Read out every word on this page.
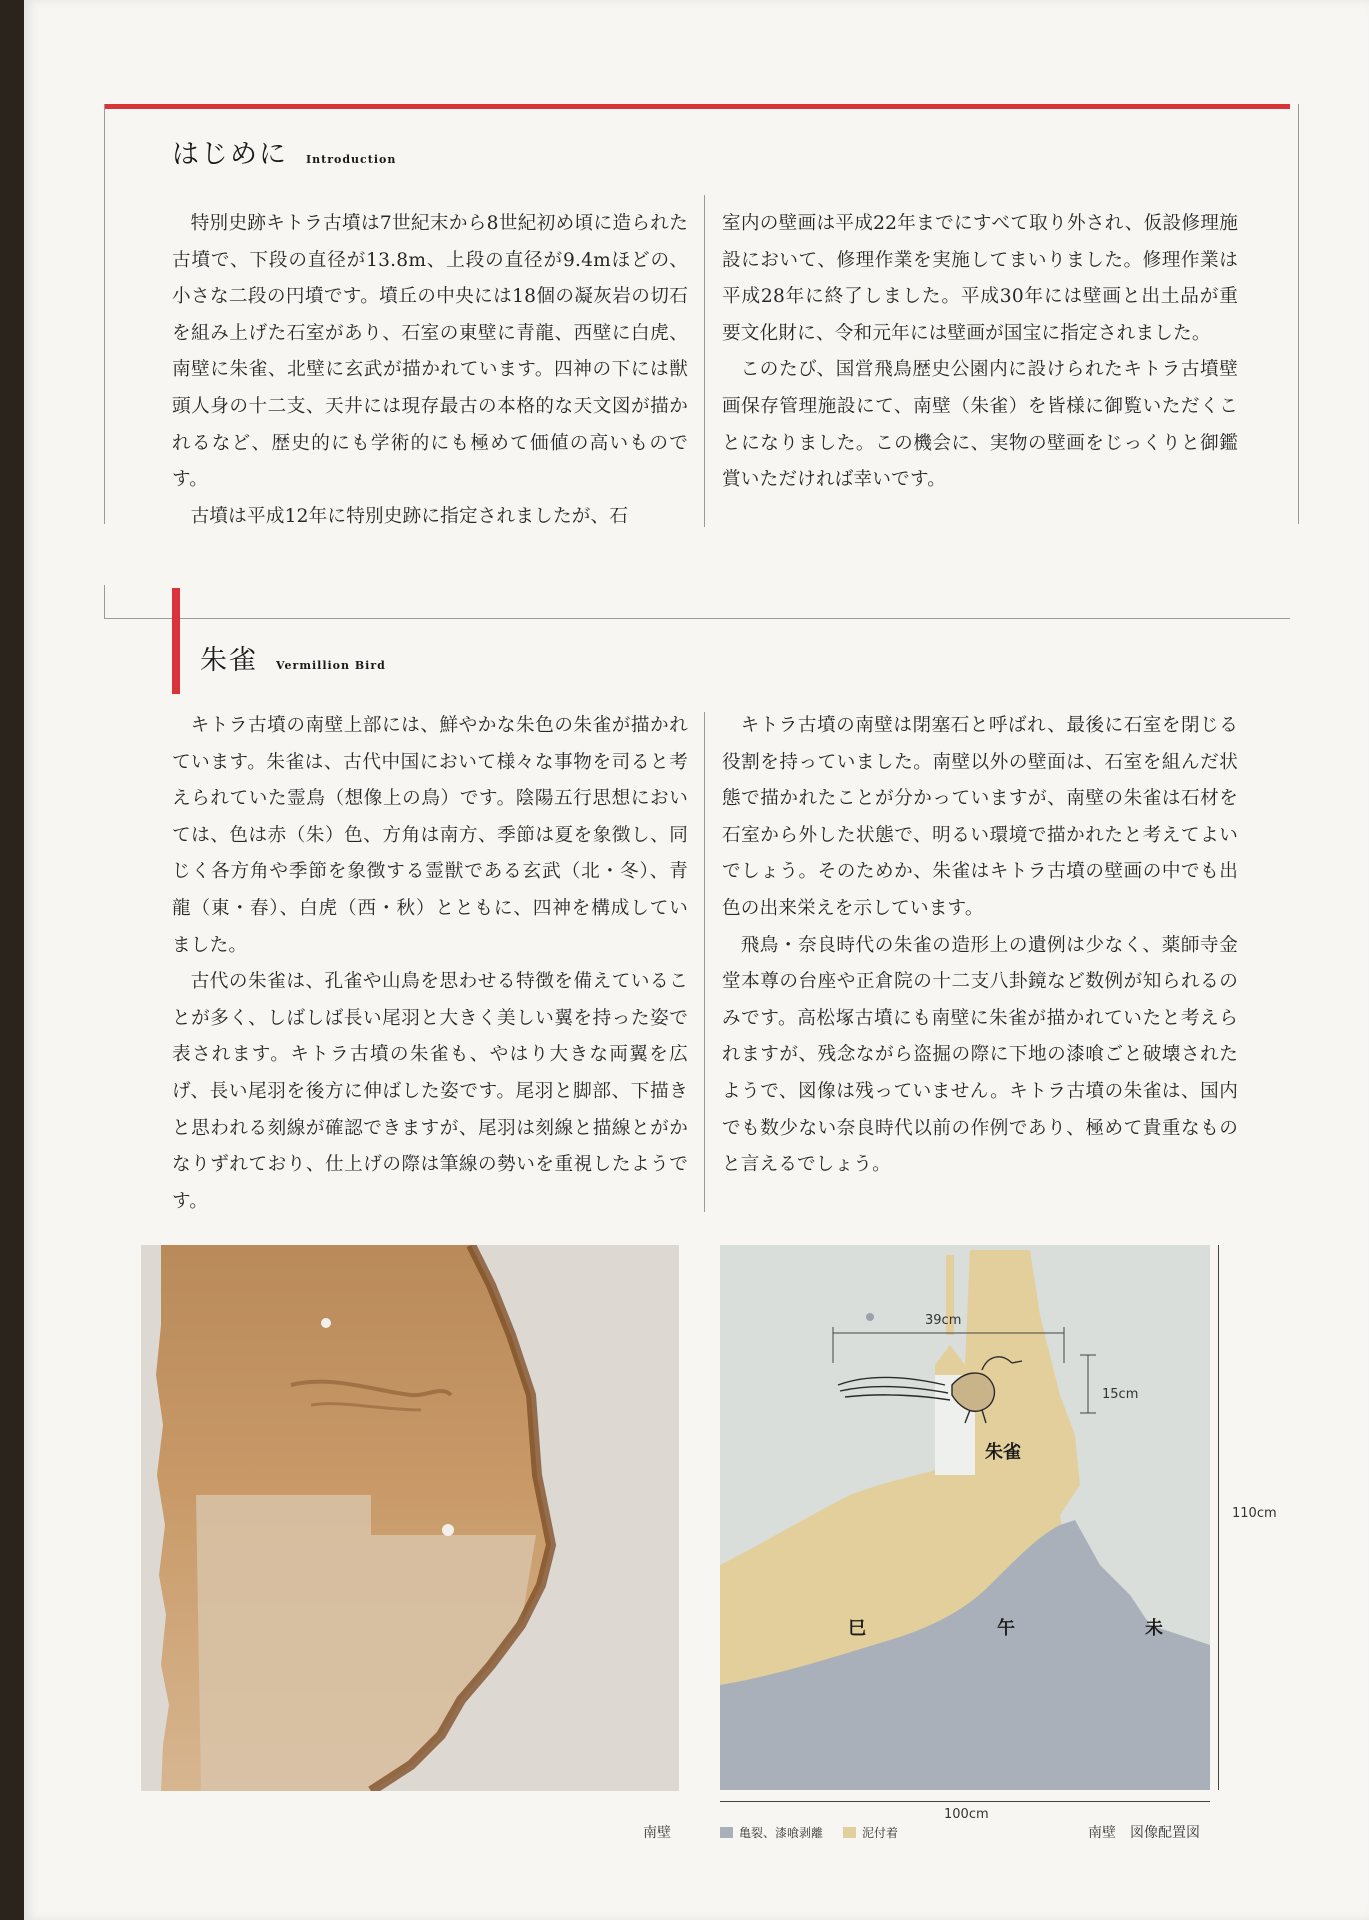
はじめに Introduction

特別史跡キトラ古墳は7世紀末から8世紀初め頃に造られた古墳で、下段の直径が13.8m、上段の直径が9.4mほどの、小さな二段の円墳です。墳丘の中央には18個の凝灰岩の切石を組み上げた石室があり、石室の東壁に青龍、西壁に白虎、南壁に朱雀、北壁に玄武が描かれています。四神の下には獣頭人身の十二支、天井には現存最古の本格的な天文図が描かれるなど、歴史的にも学術的にも極めて価値の高いものです。

古墳は平成12年に特別史跡に指定されましたが、石

室内の壁画は平成22年までにすべて取り外され、仮設修理施設において、修理作業を実施してまいりました。修理作業は平成28年に終了しました。平成30年には壁画と出土品が重要文化財に、令和元年には壁画が国宝に指定されました。

このたび、国営飛鳥歴史公園内に設けられたキトラ古墳壁画保存管理施設にて、南壁（朱雀）を皆様に御覧いただくことになりました。この機会に、実物の壁画をじっくりと御鑑賞いただければ幸いです。

朱雀 Vermillion Bird

キトラ古墳の南壁上部には、鮮やかな朱色の朱雀が描かれています。朱雀は、古代中国において様々な事物を司ると考えられていた霊鳥（想像上の鳥）です。陰陽五行思想においては、色は赤（朱）色、方角は南方、季節は夏を象徴し、同じく各方角や季節を象徴する霊獣である玄武（北・冬）、青龍（東・春）、白虎（西・秋）とともに、四神を構成していました。

古代の朱雀は、孔雀や山鳥を思わせる特徴を備えていることが多く、しばしば長い尾羽と大きく美しい翼を持った姿で表されます。キトラ古墳の朱雀も、やはり大きな両翼を広げ、長い尾羽を後方に伸ばした姿です。尾羽と脚部、下描きと思われる刻線が確認できますが、尾羽は刻線と描線とがかなりずれており、仕上げの際は筆線の勢いを重視したようです。

キトラ古墳の南壁は閉塞石と呼ばれ、最後に石室を閉じる役割を持っていました。南壁以外の壁面は、石室を組んだ状態で描かれたことが分かっていますが、南壁の朱雀は石材を石室から外した状態で、明るい環境で描かれたと考えてよいでしょう。そのためか、朱雀はキトラ古墳の壁画の中でも出色の出来栄えを示しています。

飛鳥・奈良時代の朱雀の造形上の遺例は少なく、薬師寺金堂本尊の台座や正倉院の十二支八卦鏡など数例が知られるのみです。高松塚古墳にも南壁に朱雀が描かれていたと考えられますが、残念ながら盗掘の際に下地の漆喰ごと破壊されたようで、図像は残っていません。キトラ古墳の朱雀は、国内でも数少ない奈良時代以前の作例であり、極めて貴重なものと言えるでしょう。

南壁
39cm
15cm
朱雀
巳	午	未
110cm
100cm
亀裂、漆喰剥離	泥付着	南壁　図像配置図
